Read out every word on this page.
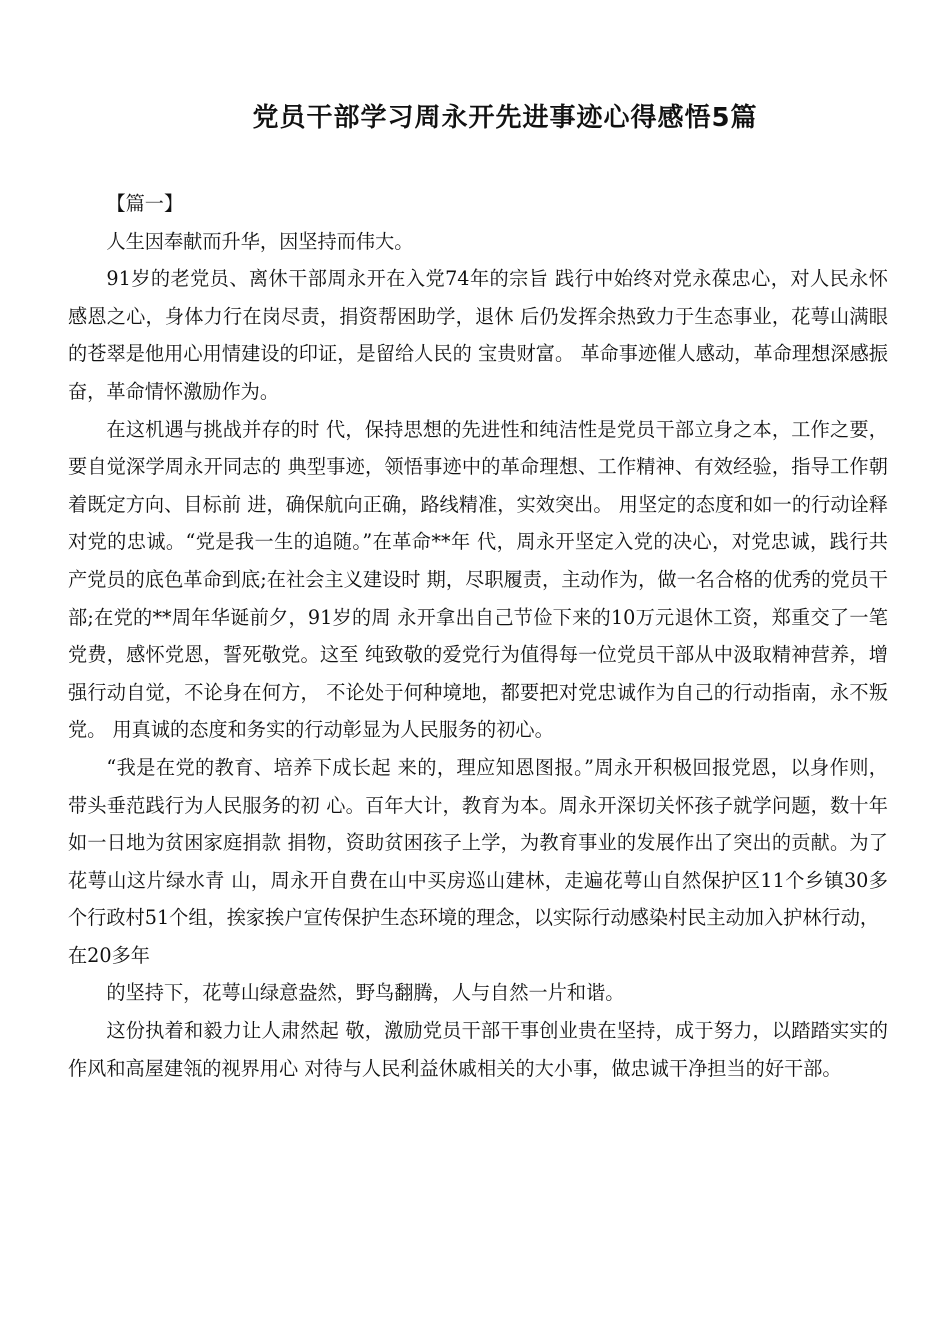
党员干部学习周永开先进事迹心得感悟5篇

【篇一】

人生因奉献而升华，因坚持而伟大。

91岁的老党员、离休干部周永开在入党74年的宗旨 践行中始终对党永葆忠心，对人民永怀感恩之心，身体力行在岗尽责，捐资帮困助学，退休 后仍发挥余热致力于生态事业，花萼山满眼的苍翠是他用心用情建设的印证，是留给人民的 宝贵财富。 革命事迹催人感动，革命理想深感振奋，革命情怀激励作为。

在这机遇与挑战并存的时 代，保持思想的先进性和纯洁性是党员干部立身之本，工作之要，要自觉深学周永开同志的 典型事迹，领悟事迹中的革命理想、工作精神、有效经验，指导工作朝着既定方向、目标前 进，确保航向正确，路线精准，实效突出。 用坚定的态度和如一的行动诠释对党的忠诚。“党是我一生的追随。”在革命**年 代，周永开坚定入党的决心，对党忠诚，践行共产党员的底色革命到底;在社会主义建设时 期，尽职履责，主动作为，做一名合格的优秀的党员干部;在党的**周年华诞前夕，91岁的周 永开拿出自己节俭下来的10万元退休工资，郑重交了一笔党费，感怀党恩，誓死敬党。这至 纯致敬的爱党行为值得每一位党员干部从中汲取精神营养，增强行动自觉，不论身在何方， 不论处于何种境地，都要把对党忠诚作为自己的行动指南，永不叛党。 用真诚的态度和务实的行动彰显为人民服务的初心。

“我是在党的教育、培养下成长起 来的，理应知恩图报。”周永开积极回报党恩，以身作则，带头垂范践行为人民服务的初 心。百年大计，教育为本。周永开深切关怀孩子就学问题，数十年如一日地为贫困家庭捐款 捐物，资助贫困孩子上学，为教育事业的发展作出了突出的贡献。为了花萼山这片绿水青 山，周永开自费在山中买房巡山建林，走遍花萼山自然保护区11个乡镇30多个行政村51个组，挨家挨户宣传保护生态环境的理念，以实际行动感染村民主动加入护林行动，

在20多年

的坚持下，花萼山绿意盎然，野鸟翻腾，人与自然一片和谐。

这份执着和毅力让人肃然起 敬，激励党员干部干事创业贵在坚持，成于努力，以踏踏实实的作风和高屋建瓴的视界用心 对待与人民利益休戚相关的大小事，做忠诚干净担当的好干部。
